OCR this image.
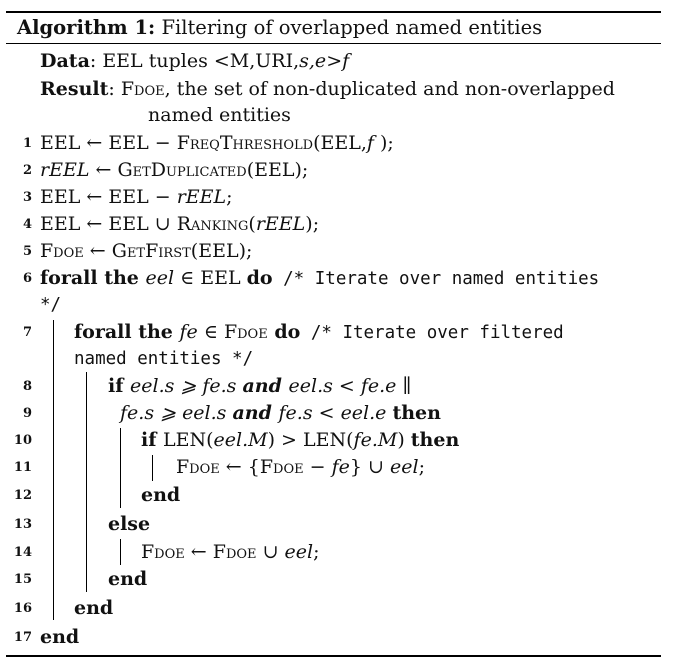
Algorithm 1: Filtering of overlapped named entities
Data: EEL tuples <M,URI,s,e>f
Result: Fdoe, the set of non-duplicated and non-overlapped
named entities
1
2
3
4
5
6
7
8
9
10
11
12
13
14
15
16
17
EEL ← EEL − FreqThreshold(EEL,f );
rEEL ← GetDuplicated(EEL);
EEL ← EEL − rEEL;
EEL ← EEL ∪ Ranking(rEEL);
Fdoe ← GetFirst(EEL);
forall the eel ∈ EEL do /* Iterate over named entities
*/
forall the fe ∈ Fdoe do /* Iterate over filtered
named entities */
if eel.s ⩾ fe.s and eel.s < fe.e ∥
fe.s ⩾ eel.s and fe.s < eel.e then
if LEN(eel.M) > LEN(fe.M) then
Fdoe ← {Fdoe − fe} ∪ eel;
end
else
Fdoe ← Fdoe ∪ eel;
end
end
end
